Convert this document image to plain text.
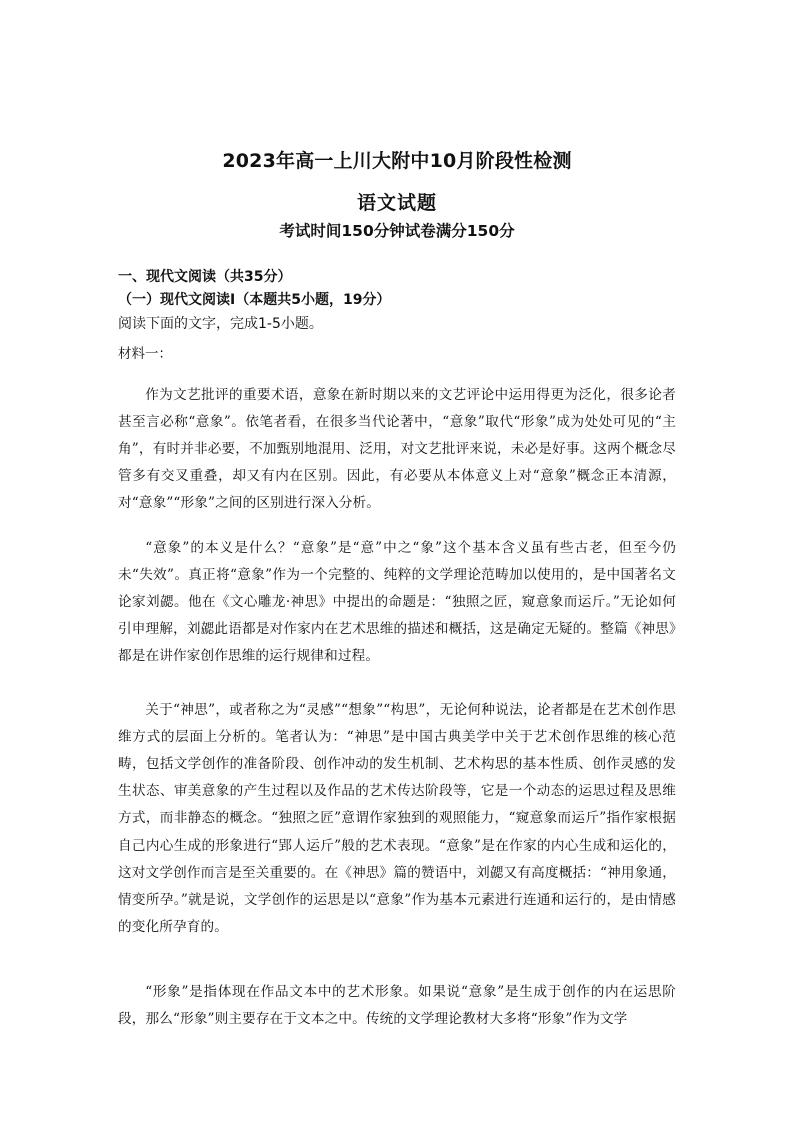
2023年高一上川大附中10月阶段性检测
语文试题
考试时间150分钟试卷满分150分
一、现代文阅读（共35分）
（一）现代文阅读Ⅰ（本题共5小题，19分）
阅读下面的文字，完成1-5小题。
材料一：

作为文艺批评的重要术语，意象在新时期以来的文艺评论中运用得更为泛化，很多论者甚至言必称“意象”。依笔者看，在很多当代论著中，“意象”取代“形象”成为处处可见的“主角”，有时并非必要，不加甄别地混用、泛用，对文艺批评来说，未必是好事。这两个概念尽管多有交叉重叠，却又有内在区别。因此，有必要从本体意义上对“意象”概念正本清源，对“意象”“形象”之间的区别进行深入分析。

“意象”的本义是什么？“意象”是“意”中之“象”这个基本含义虽有些古老，但至今仍未“失效”。真正将“意象”作为一个完整的、纯粹的文学理论范畴加以使用的，是中国著名文论家刘勰。他在《文心雕龙·神思》中提出的命题是：“独照之匠，窥意象而运斤。”无论如何引申理解，刘勰此语都是对作家内在艺术思维的描述和概括，这是确定无疑的。整篇《神思》都是在讲作家创作思维的运行规律和过程。

关于“神思”，或者称之为“灵感”“想象”“构思”，无论何种说法，论者都是在艺术创作思维方式的层面上分析的。笔者认为：“神思”是中国古典美学中关于艺术创作思维的核心范畴，包括文学创作的准备阶段、创作冲动的发生机制、艺术构思的基本性质、创作灵感的发生状态、审美意象的产生过程以及作品的艺术传达阶段等，它是一个动态的运思过程及思维方式，而非静态的概念。“独照之匠”意谓作家独到的观照能力，“窥意象而运斤”指作家根据自己内心生成的形象进行“郢人运斤”般的艺术表现。“意象”是在作家的内心生成和运化的，这对文学创作而言是至关重要的。在《神思》篇的赞语中，刘勰又有高度概括：“神用象通，情变所孕。”就是说，文学创作的运思是以“意象”作为基本元素进行连通和运行的，是由情感的变化所孕育的。

“形象”是指体现在作品文本中的艺术形象。如果说“意象”是生成于创作的内在运思阶段，那么“形象”则主要存在于文本之中。传统的文学理论教材大多将“形象”作为文学
